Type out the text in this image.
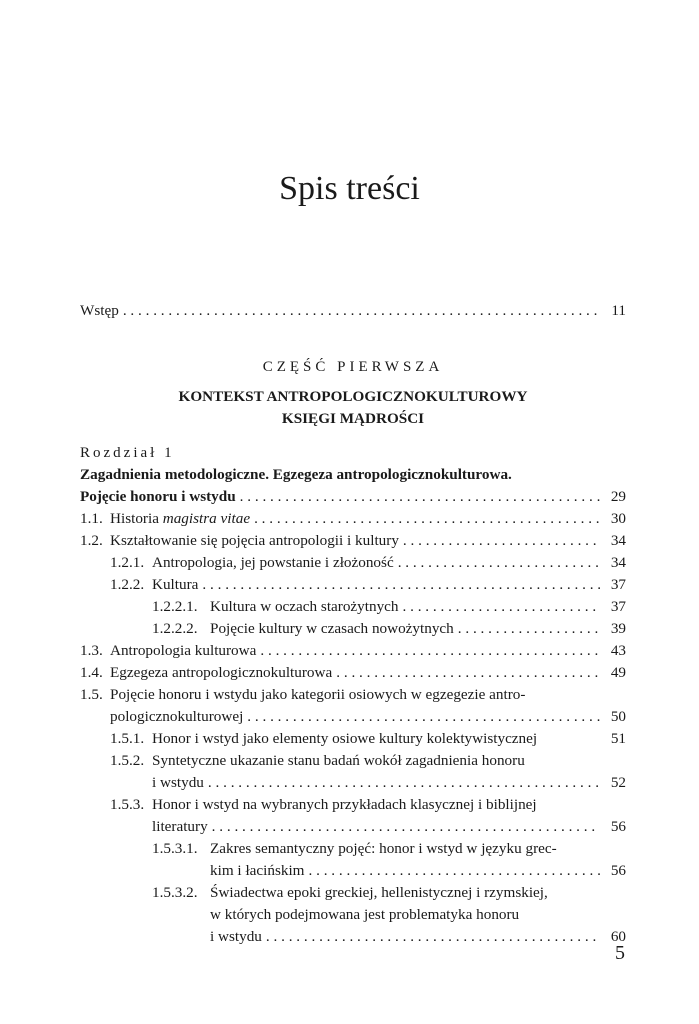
Spis treści
Wstęp . . .	11

CZĘŚĆ PIERWSZA

KONTEKST ANTROPOLOGICZNOKULTUROWY

KSIĘGI MĄDROŚCI

Rozdział 1
Zagadnienia metodologiczne. Egzegeza antropologicznokulturowa.
Pojęcie honoru i wstydu . . .	29
1.1. Historia magistra vitae . . .	30
1.2. Kształtowanie się pojęcia antropologii i kultury . . .	34
1.2.1. Antropologia, jej powstanie i złożoność . . .	34
1.2.2. Kultura . . .	37
1.2.2.1. Kultura w oczach starożytnych . . .	37
1.2.2.2. Pojęcie kultury w czasach nowożytnych . . .	39
1.3. Antropologia kulturowa . . .	43
1.4. Egzegeza antropologicznokulturowa . . .	49
1.5. Pojęcie honoru i wstydu jako kategorii osiowych w egzegezie antro-
pologicznokulturowej . . .	50
1.5.1. Honor i wstyd jako elementy osiowe kultury kolektywistycznej	51
1.5.2. Syntetyczne ukazanie stanu badań wokół zagadnienia honoru
i wstydu . . .	52
1.5.3. Honor i wstyd na wybranych przykładach klasycznej i biblijnej
literatury . . .	56
1.5.3.1. Zakres semantyczny pojęć: honor i wstyd w języku grec-
kim i łacińskim . . .	56
1.5.3.2. Świadectwa epoki greckiej, hellenistycznej i rzymskiej,
w których podejmowana jest problematyka honoru
i wstydu . . .	60
5
